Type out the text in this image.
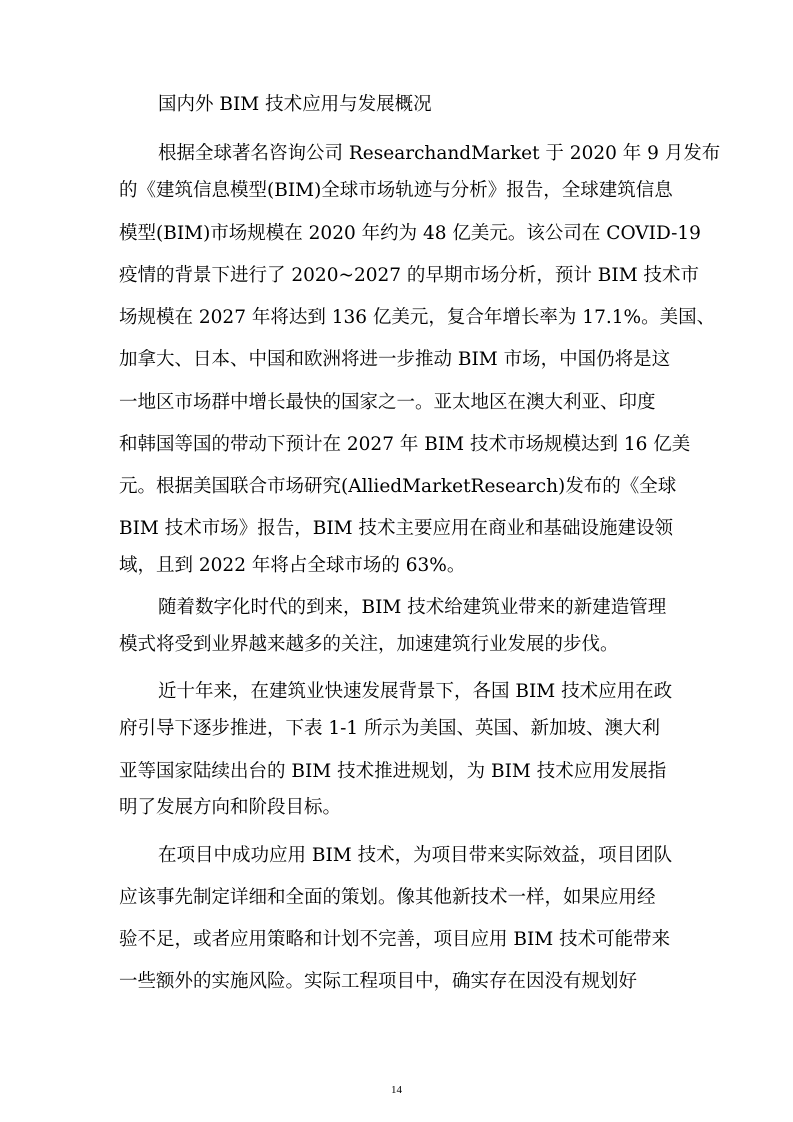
国内外 BIM 技术应用与发展概况
根据全球著名咨询公司 ResearchandMarket 于 2020 年 9 月发布
的《建筑信息模型(BIM)全球市场轨迹与分析》报告，全球建筑信息
模型(BIM)市场规模在 2020 年约为 48 亿美元。该公司在 COVID-19
疫情的背景下进行了 2020~2027 的早期市场分析，预计 BIM 技术市
场规模在 2027 年将达到 136 亿美元，复合年增长率为 17.1%。美国、
加拿大、日本、中国和欧洲将进一步推动 BIM 市场，中国仍将是这
一地区市场群中增长最快的国家之一。亚太地区在澳大利亚、印度
和韩国等国的带动下预计在 2027 年 BIM 技术市场规模达到 16 亿美
元。根据美国联合市场研究(AlliedMarketResearch)发布的《全球
BIM 技术市场》报告，BIM 技术主要应用在商业和基础设施建设领
域，且到 2022 年将占全球市场的 63%。
随着数字化时代的到来，BIM 技术给建筑业带来的新建造管理
模式将受到业界越来越多的关注，加速建筑行业发展的步伐。
近十年来，在建筑业快速发展背景下，各国 BIM 技术应用在政
府引导下逐步推进，下表 1-1 所示为美国、英国、新加坡、澳大利
亚等国家陆续出台的 BIM 技术推进规划，为 BIM 技术应用发展指
明了发展方向和阶段目标。
在项目中成功应用 BIM 技术，为项目带来实际效益，项目团队
应该事先制定详细和全面的策划。像其他新技术一样，如果应用经
验不足，或者应用策略和计划不完善，项目应用 BIM 技术可能带来
一些额外的实施风险。实际工程项目中，确实存在因没有规划好
14
